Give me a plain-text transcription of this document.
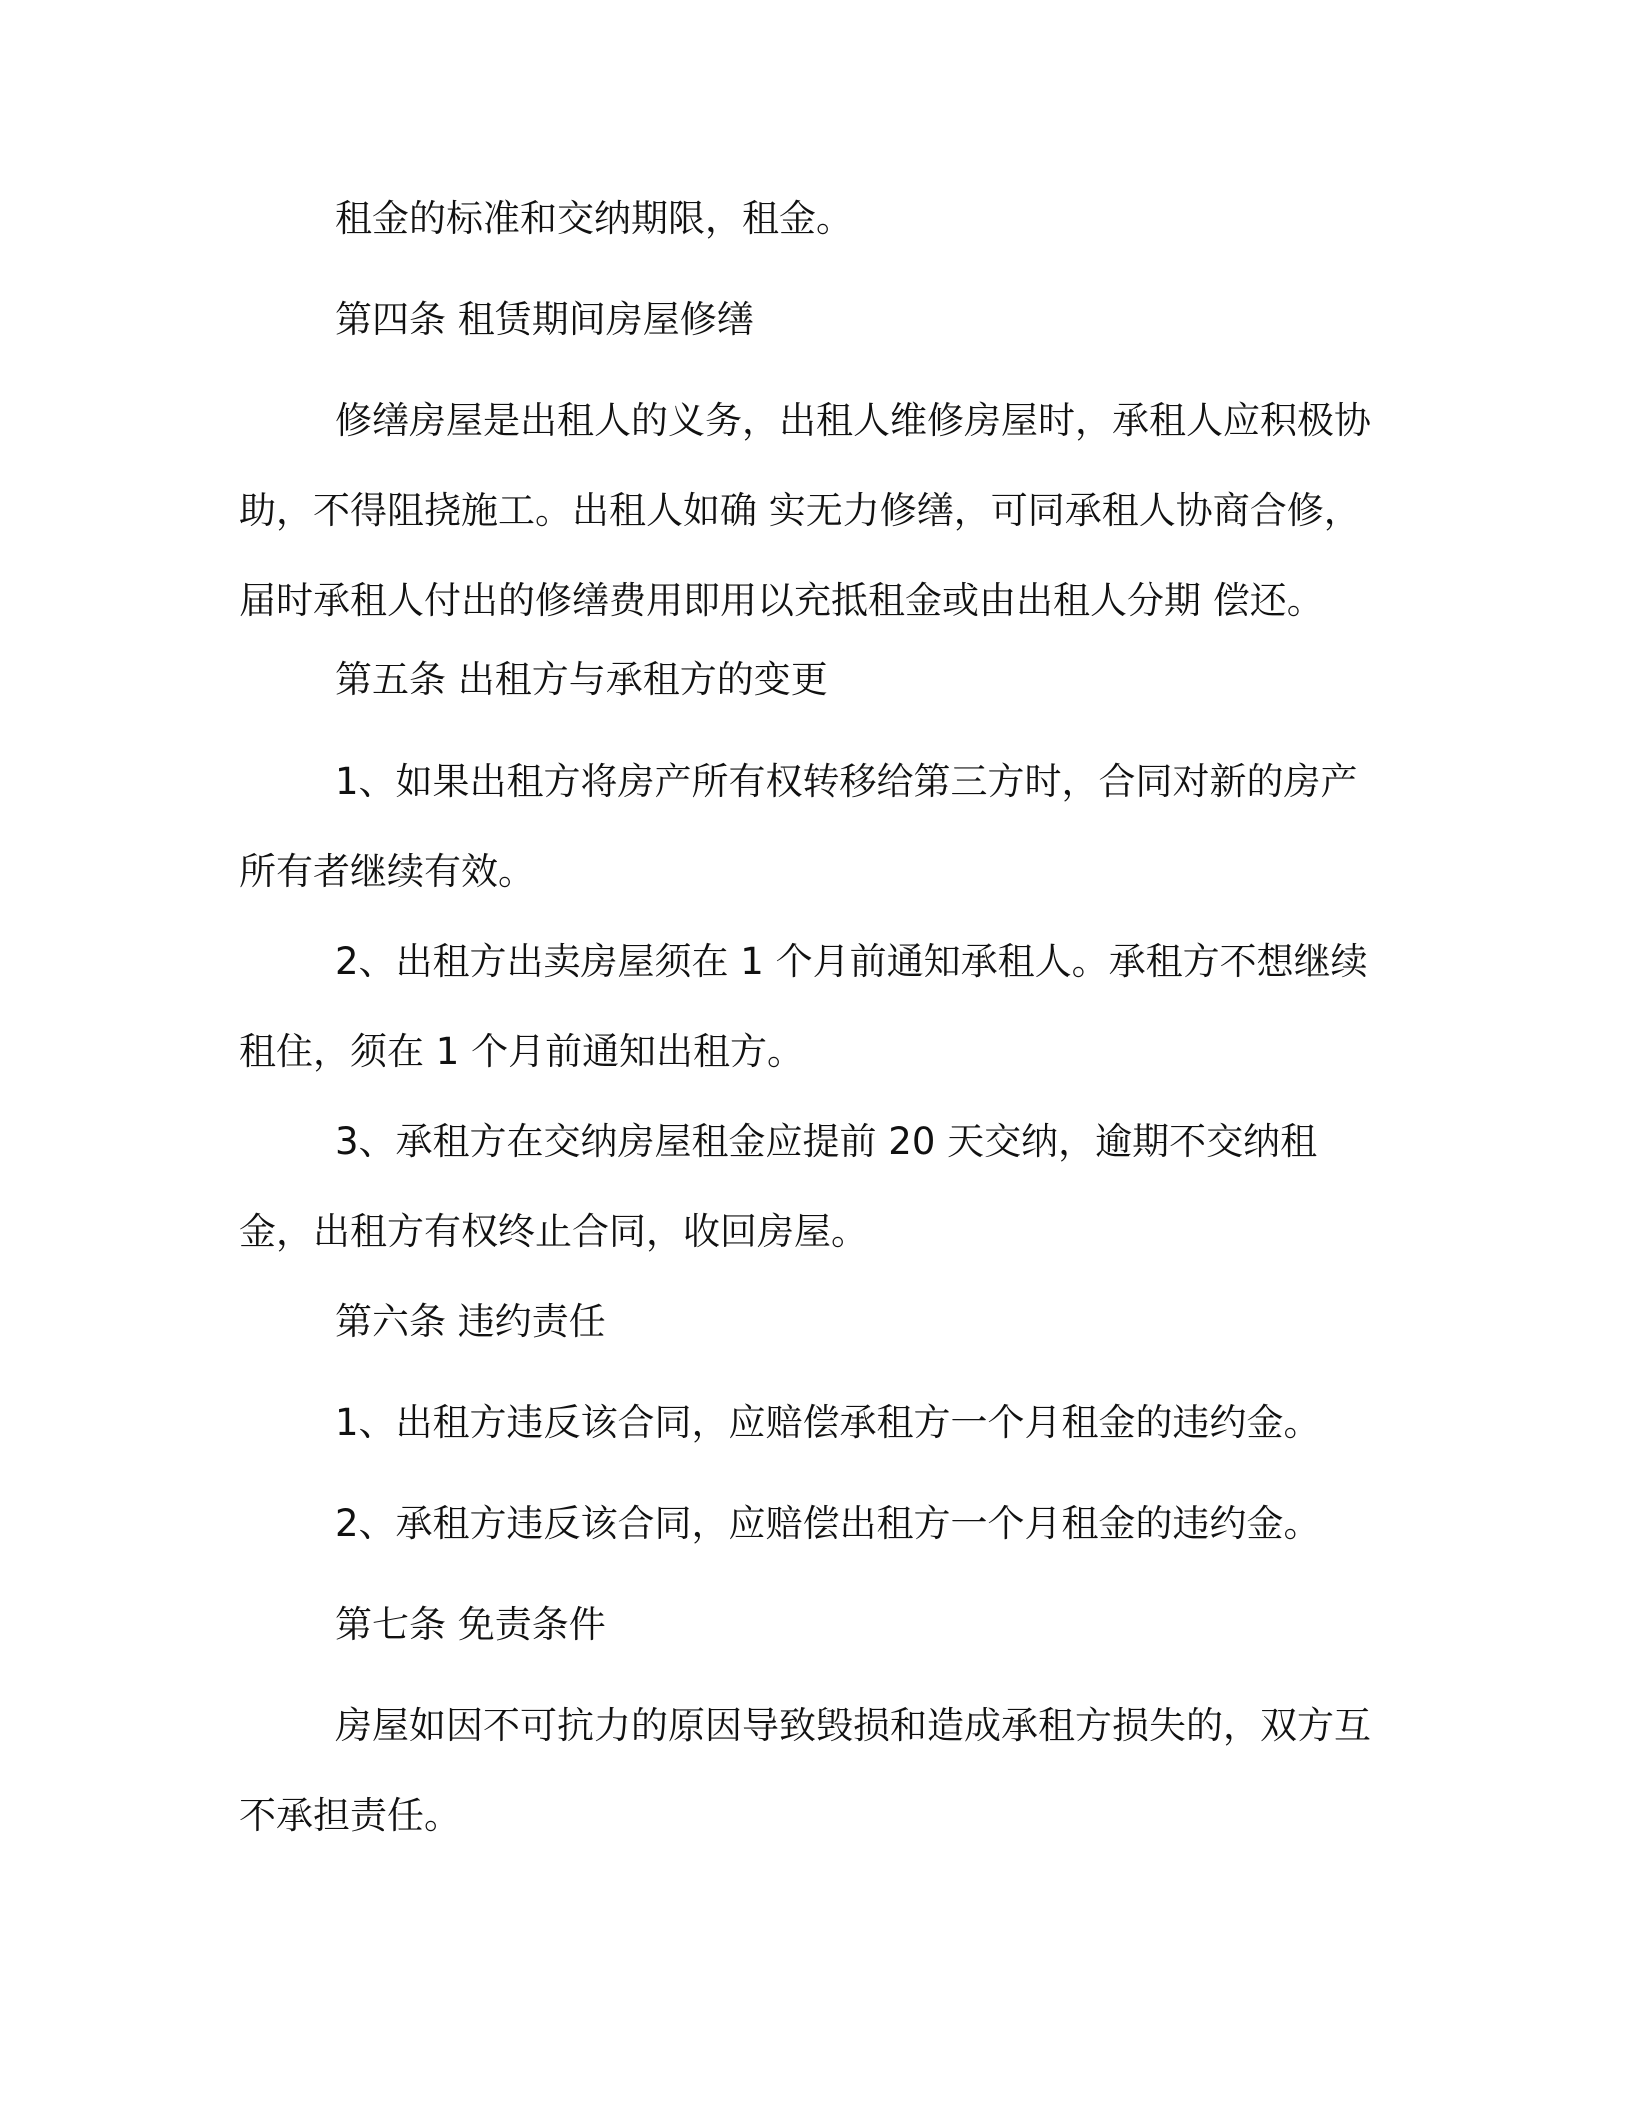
租金的标准和交纳期限，租金。

第四条 租赁期间房屋修缮

修缮房屋是出租人的义务，出租人维修房屋时，承租人应积极协助，不得阻挠施工。出租人如确 实无力修缮，可同承租人协商合修，届时承租人付出的修缮费用即用以充抵租金或由出租人分期 偿还。

第五条 出租方与承租方的变更

1、如果出租方将房产所有权转移给第三方时，合同对新的房产所有者继续有效。

2、出租方出卖房屋须在 1 个月前通知承租人。承租方不想继续租住，须在 1 个月前通知出租方。

3、承租方在交纳房屋租金应提前 20 天交纳，逾期不交纳租金，出租方有权终止合同，收回房屋。

第六条 违约责任

1、出租方违反该合同，应赔偿承租方一个月租金的违约金。

2、承租方违反该合同，应赔偿出租方一个月租金的违约金。

第七条 免责条件

房屋如因不可抗力的原因导致毁损和造成承租方损失的，双方互不承担责任。
